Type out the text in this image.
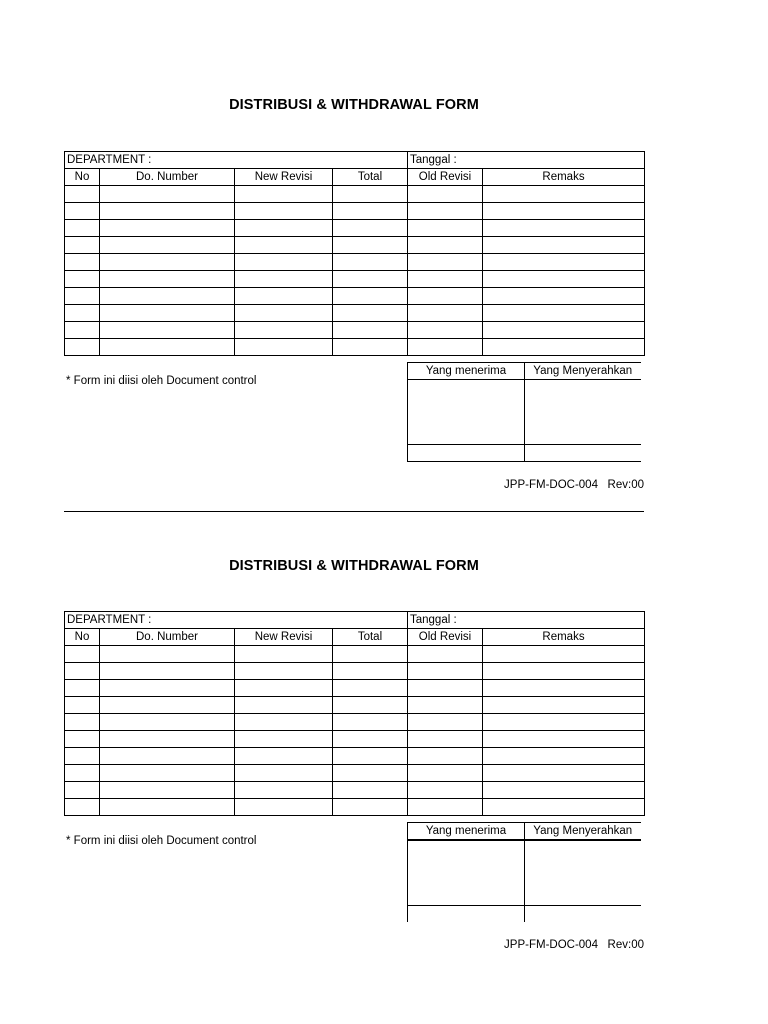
DISTRIBUSI & WITHDRAWAL FORM
DEPARTMENT :				Tanggal :	
No	Do. Number	New Revisi	Total	Old Revisi	Remaks

* Form ini diisi oleh Document control
Yang menerima	Yang Menyerahkan

JPP-FM-DOC-004   Rev:00
DISTRIBUSI & WITHDRAWAL FORM
DEPARTMENT :				Tanggal :	
No	Do. Number	New Revisi	Total	Old Revisi	Remaks

* Form ini diisi oleh Document control
Yang menerima	Yang Menyerahkan

JPP-FM-DOC-004   Rev:00
